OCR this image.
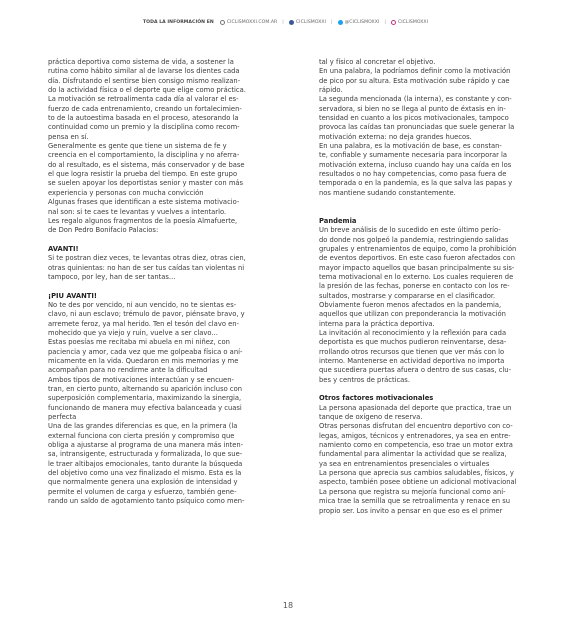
TODA LA INFORMACIÓN EN	CICLISMOXXI.COM.AR |	CICLISMOXXI |	@CICLISMOXXI |	CICLISMOXXI

práctica deportiva como sistema de vida, a sostener la

rutina como hábito similar al de lavarse los dientes cada

día. Disfrutando el sentirse bien consigo mismo realizan-

do la actividad física o el deporte que elige como práctica.

La motivación se retroalimenta cada día al valorar el es-

fuerzo de cada entrenamiento, creando un fortalecimien-

to de la autoestima basada en el proceso, atesorando la

continuidad como un premio y la disciplina como recom-

pensa en sí.

Generalmente es gente que tiene un sistema de fe y

creencia en el comportamiento, la disciplina y no aferra-

do al resultado, es el sistema, más conservador y de base

el que logra resistir la prueba del tiempo. En este grupo

se suelen apoyar los deportistas senior y master con más

experiencia y personas con mucha convicción

Algunas frases que identifican a este sistema motivacio-

nal son: si te caes te levantas y vuelves a intentarlo.

Les regalo algunos fragmentos de la poesía Almafuerte,

de Don Pedro Bonifacio Palacios:

AVANTI!

Si te postran diez veces, te levantas otras diez, otras cien,

otras quinientas: no han de ser tus caídas tan violentas ni

tampoco, por ley, han de ser tantas...

¡PIU AVANTI!

No te des por vencido, ni aun vencido, no te sientas es-

clavo, ni aun esclavo; trémulo de pavor, piénsate bravo, y

arremete feroz, ya mal herido. Ten el tesón del clavo en-

mohecido que ya viejo y ruin, vuelve a ser clavo...

Estas poesías me recitaba mi abuela en mi niñez, con

paciencia y amor, cada vez que me golpeaba física o aní-

micamente en la vida. Quedaron en mis memorias y me

acompañan para no rendirme ante la dificultad

Ambos tipos de motivaciones interactúan y se encuen-

tran, en cierto punto, alternando su aparición incluso con

superposición complementaria, maximizando la sinergia,

funcionando de manera muy efectiva balanceada y cuasi

perfecta

Una de las grandes diferencias es que, en la primera (la

external funciona con cierta presión y compromiso que

obliga a ajustarse al programa de una manera más inten-

sa, intransigente, estructurada y formalizada, lo que sue-

le traer altibajos emocionales, tanto durante la búsqueda

del objetivo como una vez finalizado el mismo. Esta es la

que normalmente genera una explosión de intensidad y

permite el volumen de carga y esfuerzo, también gene-

rando un saldo de agotamiento tanto psíquico como men-

tal y físico al concretar el objetivo.

En una palabra, la podríamos definir como la motivación

de pico por su altura. Esta motivación sube rápido y cae

rápido.

La segunda mencionada (la interna), es constante y con-

servadora, si bien no se llega al punto de éxtasis en in-

tensidad en cuanto a los picos motivacionales, tampoco

provoca las caídas tan pronunciadas que suele generar la

motivación externa: no deja grandes huecos.

En una palabra, es la motivación de base, es constan-

te, confiable y sumamente necesaria para incorporar la

motivación externa, incluso cuando hay una caída en los

resultados o no hay competencias, como pasa fuera de

temporada o en la pandemia, es la que salva las papas y

nos mantiene sudando constantemente.

Pandemia

Un breve análisis de lo sucedido en este último perío-

do donde nos golpeó la pandemia, restringiendo salidas

grupales y entrenamientos de equipo, como la prohibición

de eventos deportivos. En este caso fueron afectados con

mayor impacto aquellos que basan principalmente su sis-

tema motivacional en lo externo. Los cuales requieren de

la presión de las fechas, ponerse en contacto con los re-

sultados, mostrarse y compararse en el clasificador.

Obviamente fueron menos afectados en la pandemia,

aquellos que utilizan con preponderancia la motivación

interna para la práctica deportiva.

La invitación al reconocimiento y la reflexión para cada

deportista es que muchos pudieron reinventarse, desa-

rrollando otros recursos que tienen que ver más con lo

interno. Mantenerse en actividad deportiva no importa

que sucediera puertas afuera o dentro de sus casas, clu-

bes y centros de prácticas.

Otros factores motivacionales

La persona apasionada del deporte que practica, trae un

tanque de oxígeno de reserva.

Otras personas disfrutan del encuentro deportivo con co-

legas, amigos, técnicos y entrenadores, ya sea en entre-

namiento como en competencia, eso trae un motor extra

fundamental para alimentar la actividad que se realiza,

ya sea en entrenamientos presenciales o virtuales

La persona que aprecia sus cambios saludables, físicos, y

aspecto, también posee obtiene un adicional motivacional

La persona que registra su mejoría funcional como aní-

mica trae la semilla que se retroalimenta y renace en su

propio ser. Los invito a pensar en que eso es el primer

18
